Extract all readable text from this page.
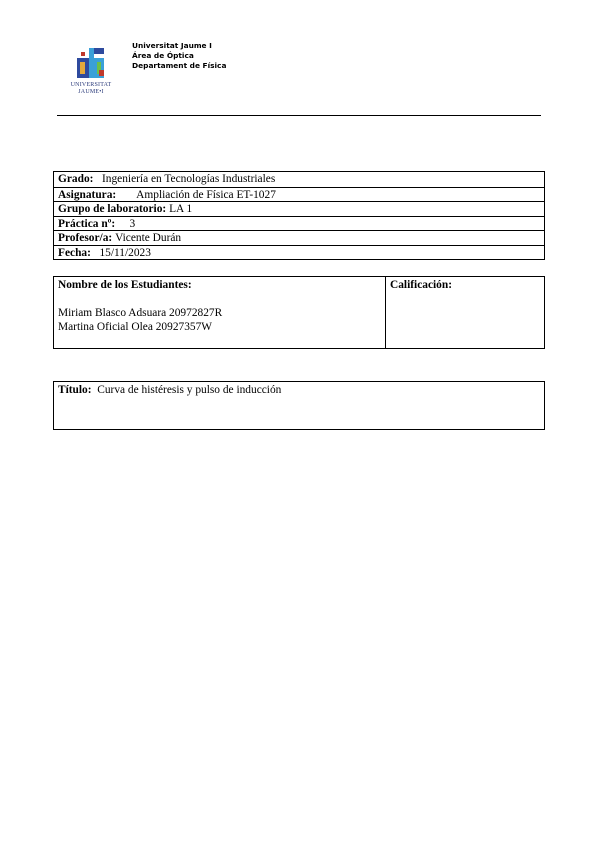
UNIVERSITAT
JAUME•I
Universitat Jaume I
Área de Óptica
Departament de Física
Grado: Ingeniería en Tecnologías Industriales
Asignatura: Ampliación de Física ET-1027
Grupo de laboratorio: LA 1
Práctica nº: 3
Profesor/a: Vicente Durán
Fecha: 15/11/2023
Nombre de los Estudiantes:
Miriam Blasco Adsuara 20972827R
Martina Oficial Olea 20927357W
Calificación:
Título: Curva de histéresis y pulso de inducción
